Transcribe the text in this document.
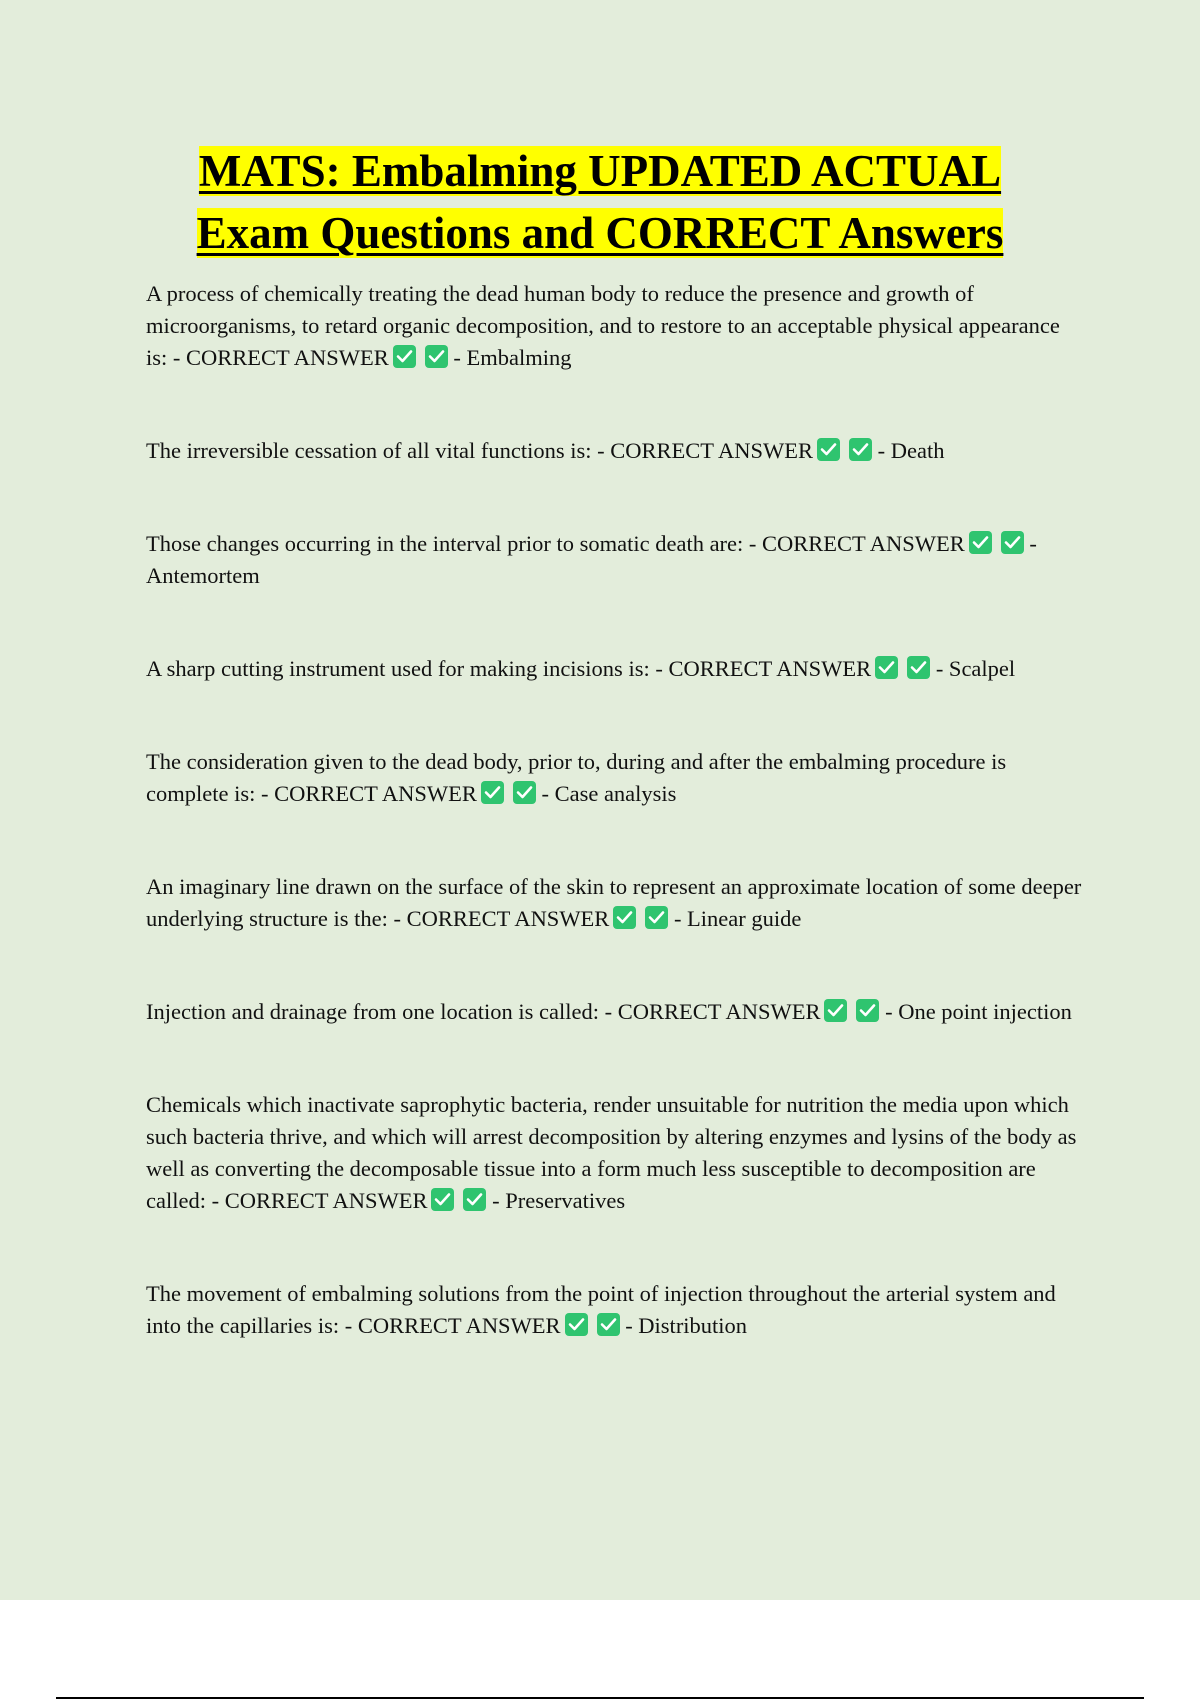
MATS: Embalming UPDATED ACTUAL
Exam Questions and CORRECT Answers

A process of chemically treating the dead human body to reduce the presence and growth of microorganisms, to retard organic decomposition, and to restore to an acceptable physical appearance is: - CORRECT ANSWER	- Embalming

The irreversible cessation of all vital functions is: - CORRECT ANSWER	- Death

Those changes occurring in the interval prior to somatic death are: - CORRECT ANSWER	- Antemortem

A sharp cutting instrument used for making incisions is: - CORRECT ANSWER	- Scalpel

The consideration given to the dead body, prior to, during and after the embalming procedure is complete is: - CORRECT ANSWER	- Case analysis

An imaginary line drawn on the surface of the skin to represent an approximate location of some deeper underlying structure is the: - CORRECT ANSWER	- Linear guide

Injection and drainage from one location is called: - CORRECT ANSWER	- One point injection

Chemicals which inactivate saprophytic bacteria, render unsuitable for nutrition the media upon which such bacteria thrive, and which will arrest decomposition by altering enzymes and lysins of the body as well as converting the decomposable tissue into a form much less susceptible to decomposition are called: - CORRECT ANSWER	- Preservatives

The movement of embalming solutions from the point of injection throughout the arterial system and into the capillaries is: - CORRECT ANSWER	- Distribution
